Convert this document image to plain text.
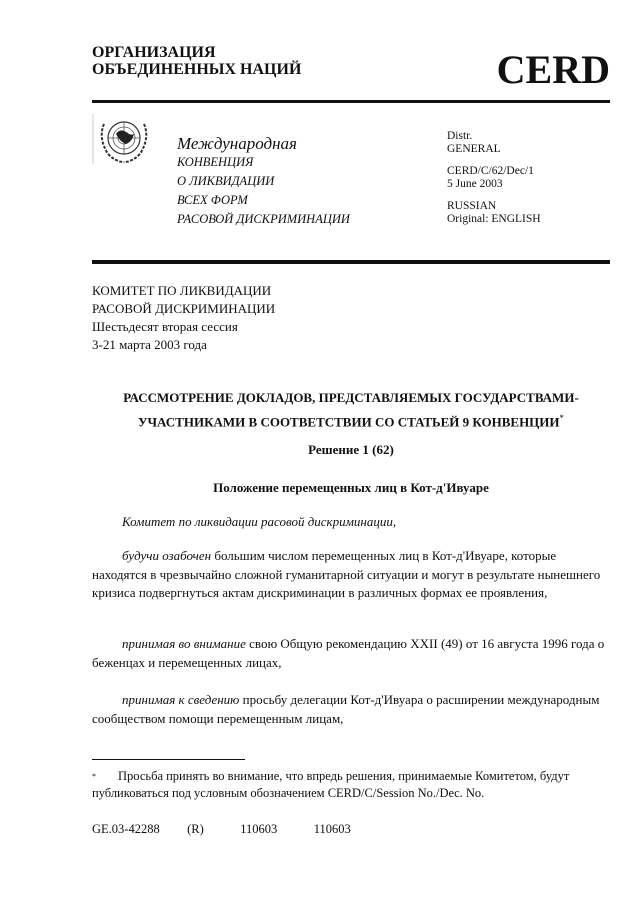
ОРГАНИЗАЦИЯ
ОБЪЕДИНЕННЫХ НАЦИЙ	CERD
Международная
КОНВЕНЦИЯ
О ЛИКВИДАЦИИ
ВСЕХ ФОРМ
РАСОВОЙ ДИСКРИМИНАЦИИ

Distr.
GENERAL

CERD/C/62/Dec/1
5 June 2003

RUSSIAN
Original: ENGLISH

КОМИТЕТ ПО ЛИКВИДАЦИИ
РАСОВОЙ ДИСКРИМИНАЦИИ
Шестьдесят вторая сессия
3-21 марта 2003 года
РАССМОТРЕНИЕ ДОКЛАДОВ, ПРЕДСТАВЛЯЕМЫХ ГОСУДАРСТВАМИ-
УЧАСТНИКАМИ В СООТВЕТСТВИИ СО СТАТЬЕЙ 9 КОНВЕНЦИИ*
Решение 1 (62)
Положение перемещенных лиц в Кот-д'Ивуаре
Комитет по ликвидации расовой дискриминации,
будучи озабочен большим числом перемещенных лиц в Кот-д'Ивуаре, которые находятся в чрезвычайно сложной гуманитарной ситуации и могут в результате нынешнего кризиса подвергнуться актам дискриминации в различных формах ее проявления,
принимая во внимание свою Общую рекомендацию XXII (49) от 16 августа 1996 года о беженцах и перемещенных лицах,
принимая к сведению просьбу делегации Кот-д'Ивуара о расширении международным сообществом помощи перемещенным лицам,
* Просьба принять во внимание, что впредь решения, принимаемые Комитетом, будут публиковаться под условным обозначением CERD/C/Session No./Dec. No.
GE.03-42288   (R)    110603    110603
